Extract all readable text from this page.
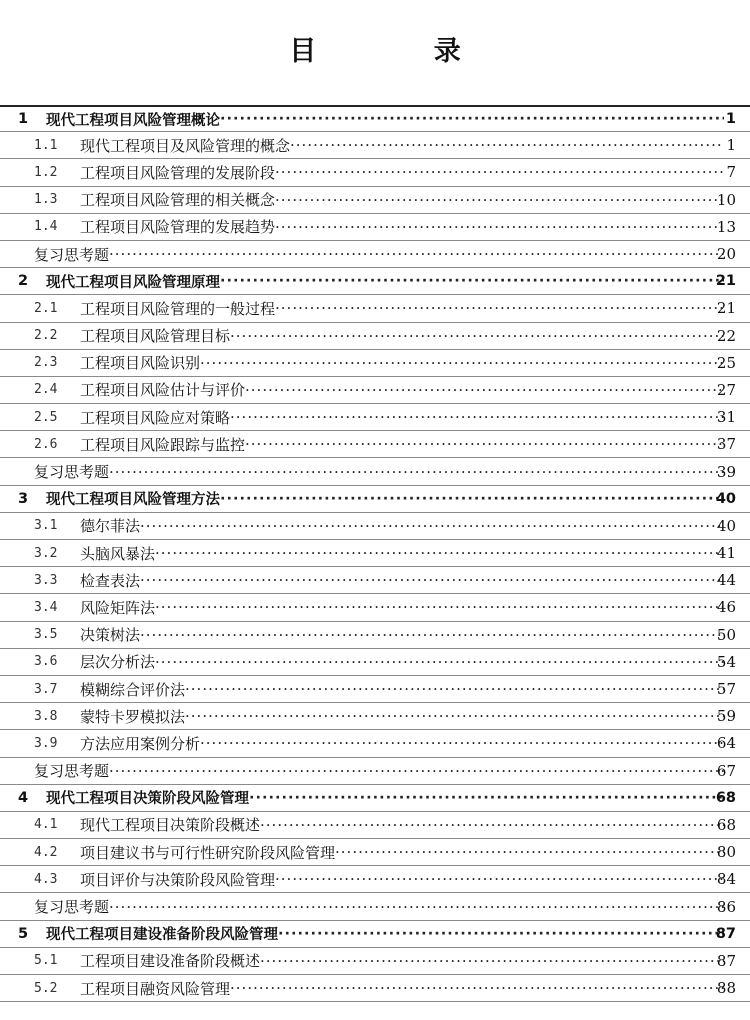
目 录
1 现代工程项目风险管理概论 ·····	1
1.1 现代工程项目及风险管理的概念 ·····	1
1.2 工程项目风险管理的发展阶段 ·····	7
1.3 工程项目风险管理的相关概念 ·····	10
1.4 工程项目风险管理的发展趋势 ·····	13
复习思考题 ·····	20
2 现代工程项目风险管理原理 ·····	21
2.1 工程项目风险管理的一般过程 ·····	21
2.2 工程项目风险管理目标 ·····	22
2.3 工程项目风险识别 ·····	25
2.4 工程项目风险估计与评价 ·····	27
2.5 工程项目风险应对策略 ·····	31
2.6 工程项目风险跟踪与监控 ·····	37
复习思考题 ·····	39
3 现代工程项目风险管理方法 ·····	40
3.1 德尔菲法 ·····	40
3.2 头脑风暴法 ·····	41
3.3 检查表法 ·····	44
3.4 风险矩阵法 ·····	46
3.5 决策树法 ·····	50
3.6 层次分析法 ·····	54
3.7 模糊综合评价法 ·····	57
3.8 蒙特卡罗模拟法 ·····	59
3.9 方法应用案例分析 ·····	64
复习思考题 ·····	67
4 现代工程项目决策阶段风险管理 ·····	68
4.1 现代工程项目决策阶段概述 ·····	68
4.2 项目建议书与可行性研究阶段风险管理 ·····	80
4.3 项目评价与决策阶段风险管理 ·····	84
复习思考题 ·····	86
5 现代工程项目建设准备阶段风险管理 ·····	87
5.1 工程项目建设准备阶段概述 ·····	87
5.2 工程项目融资风险管理 ·····	88
